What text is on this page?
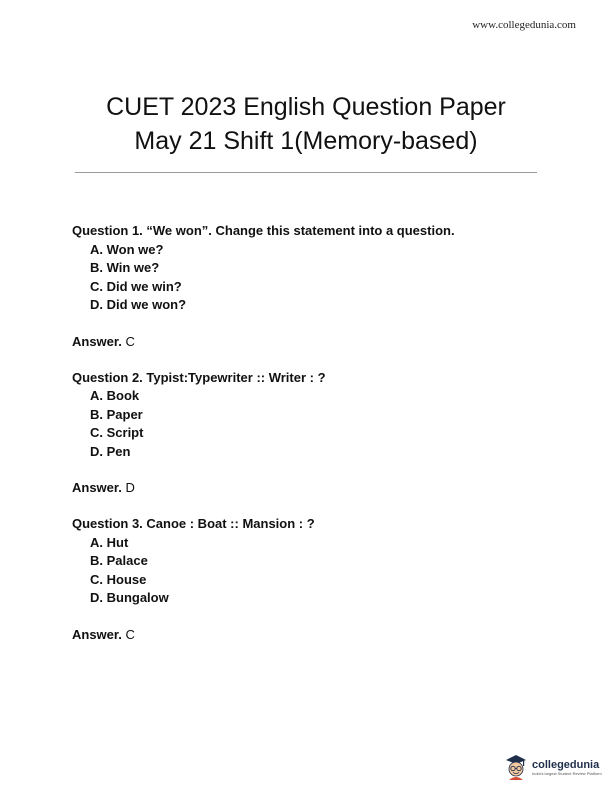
www.collegedunia.com
CUET 2023 English Question Paper
May 21 Shift 1(Memory-based)
Question 1. “We won”. Change this statement into a question.
A. Won we?
B. Win we?
C. Did we win?
D. Did we won?
Answer. C
Question 2. Typist:Typewriter :: Writer : ?
A. Book
B. Paper
C. Script
D. Pen
Answer. D
Question 3. Canoe : Boat :: Mansion : ?
A. Hut
B. Palace
C. House
D. Bungalow
Answer. C
collegedunia
India's largest Student Review Platform
